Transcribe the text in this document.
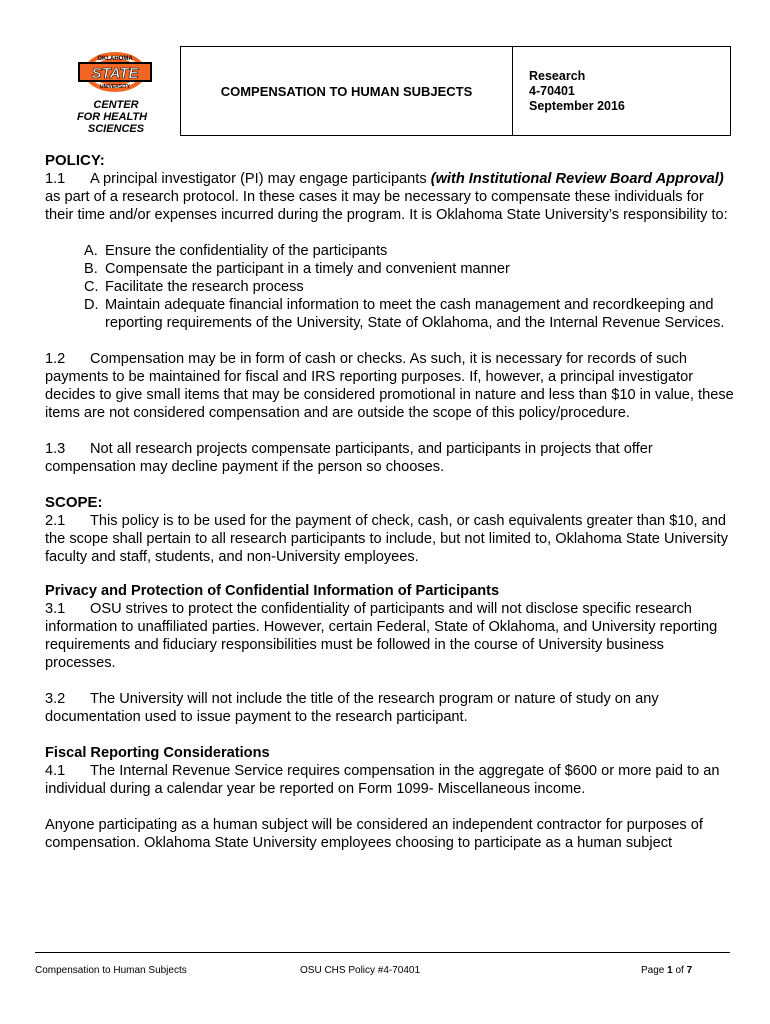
OKLAHOMA
STATE
UNIVERSITY
CENTER
FOR HEALTH
SCIENCES
COMPENSATION TO HUMAN SUBJECTS	
Research
4-70401
September 2016

POLICY:

1.1 A principal investigator (PI) may engage participants (with Institutional Review Board Approval) as part of a research protocol. In these cases it may be necessary to compensate these individuals for their time and/or expenses incurred during the program. It is Oklahoma State University’s responsibility to:

A. Ensure the confidentiality of the participants
B. Compensate the participant in a timely and convenient manner
C. Facilitate the research process
D. Maintain adequate financial information to meet the cash management and recordkeeping and reporting requirements of the University, State of Oklahoma, and the Internal Revenue Services.

1.2 Compensation may be in form of cash or checks. As such, it is necessary for records of such payments to be maintained for fiscal and IRS reporting purposes. If, however, a principal investigator decides to give small items that may be considered promotional in nature and less than $10 in value, these items are not considered compensation and are outside the scope of this policy/procedure.

1.3 Not all research projects compensate participants, and participants in projects that offer compensation may decline payment if the person so chooses.

SCOPE:

2.1 This policy is to be used for the payment of check, cash, or cash equivalents greater than $10, and the scope shall pertain to all research participants to include, but not limited to, Oklahoma State University faculty and staff, students, and non-University employees.

Privacy and Protection of Confidential Information of Participants

3.1 OSU strives to protect the confidentiality of participants and will not disclose specific research information to unaffiliated parties. However, certain Federal, State of Oklahoma, and University reporting requirements and fiduciary responsibilities must be followed in the course of University business processes.

3.2 The University will not include the title of the research program or nature of study on any documentation used to issue payment to the research participant.

Fiscal Reporting Considerations

4.1 The Internal Revenue Service requires compensation in the aggregate of $600 or more paid to an individual during a calendar year be reported on Form 1099- Miscellaneous income.

Anyone participating as a human subject will be considered an independent contractor for purposes of compensation. Oklahoma State University employees choosing to participate as a human subject

Compensation to Human Subjects	OSU CHS Policy #4-70401	Page 1 of 7
